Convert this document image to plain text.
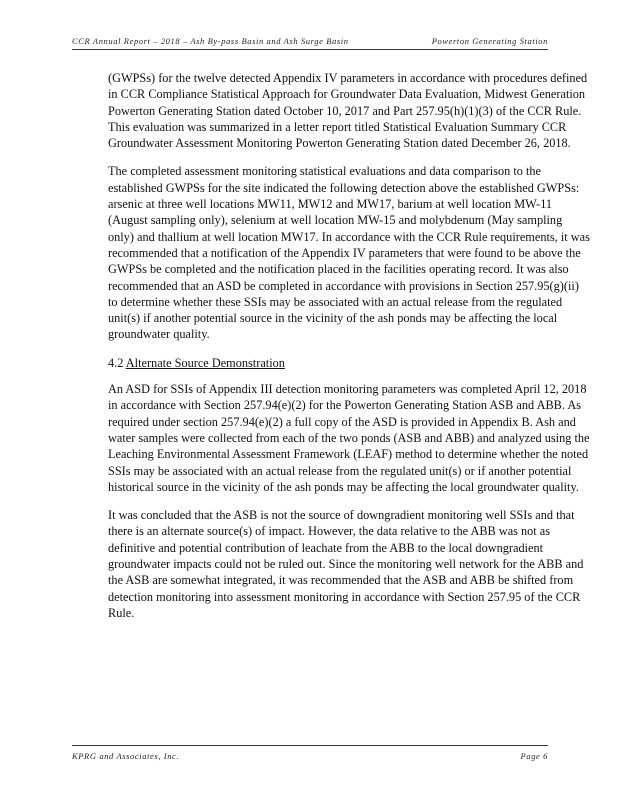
CCR Annual Report – 2018 – Ash By-pass Basin and Ash Surge Basin	Powerton Generating Station

(GWPSs) for the twelve detected Appendix IV parameters in accordance with procedures defined in CCR Compliance Statistical Approach for Groundwater Data Evaluation, Midwest Generation Powerton Generating Station dated October 10, 2017 and Part 257.95(h)(1)(3) of the CCR Rule. This evaluation was summarized in a letter report titled Statistical Evaluation Summary CCR Groundwater Assessment Monitoring Powerton Generating Station dated December 26, 2018.

The completed assessment monitoring statistical evaluations and data comparison to the established GWPSs for the site indicated the following detection above the established GWPSs: arsenic at three well locations MW11, MW12 and MW17, barium at well location MW-11 (August sampling only), selenium at well location MW-15 and molybdenum (May sampling only) and thallium at well location MW17. In accordance with the CCR Rule requirements, it was recommended that a notification of the Appendix IV parameters that were found to be above the GWPSs be completed and the notification placed in the facilities operating record. It was also recommended that an ASD be completed in accordance with provisions in Section 257.95(g)(ii) to determine whether these SSIs may be associated with an actual release from the regulated unit(s) if another potential source in the vicinity of the ash ponds may be affecting the local groundwater quality.

4.2 Alternate Source Demonstration

An ASD for SSIs of Appendix III detection monitoring parameters was completed April 12, 2018 in accordance with Section 257.94(e)(2) for the Powerton Generating Station ASB and ABB. As required under section 257.94(e)(2) a full copy of the ASD is provided in Appendix B. Ash and water samples were collected from each of the two ponds (ASB and ABB) and analyzed using the Leaching Environmental Assessment Framework (LEAF) method to determine whether the noted SSIs may be associated with an actual release from the regulated unit(s) or if another potential historical source in the vicinity of the ash ponds may be affecting the local groundwater quality.

It was concluded that the ASB is not the source of downgradient monitoring well SSIs and that there is an alternate source(s) of impact. However, the data relative to the ABB was not as definitive and potential contribution of leachate from the ABB to the local downgradient groundwater impacts could not be ruled out. Since the monitoring well network for the ABB and the ASB are somewhat integrated, it was recommended that the ASB and ABB be shifted from detection monitoring into assessment monitoring in accordance with Section 257.95 of the CCR Rule.

KPRG and Associates, Inc.	Page 6
